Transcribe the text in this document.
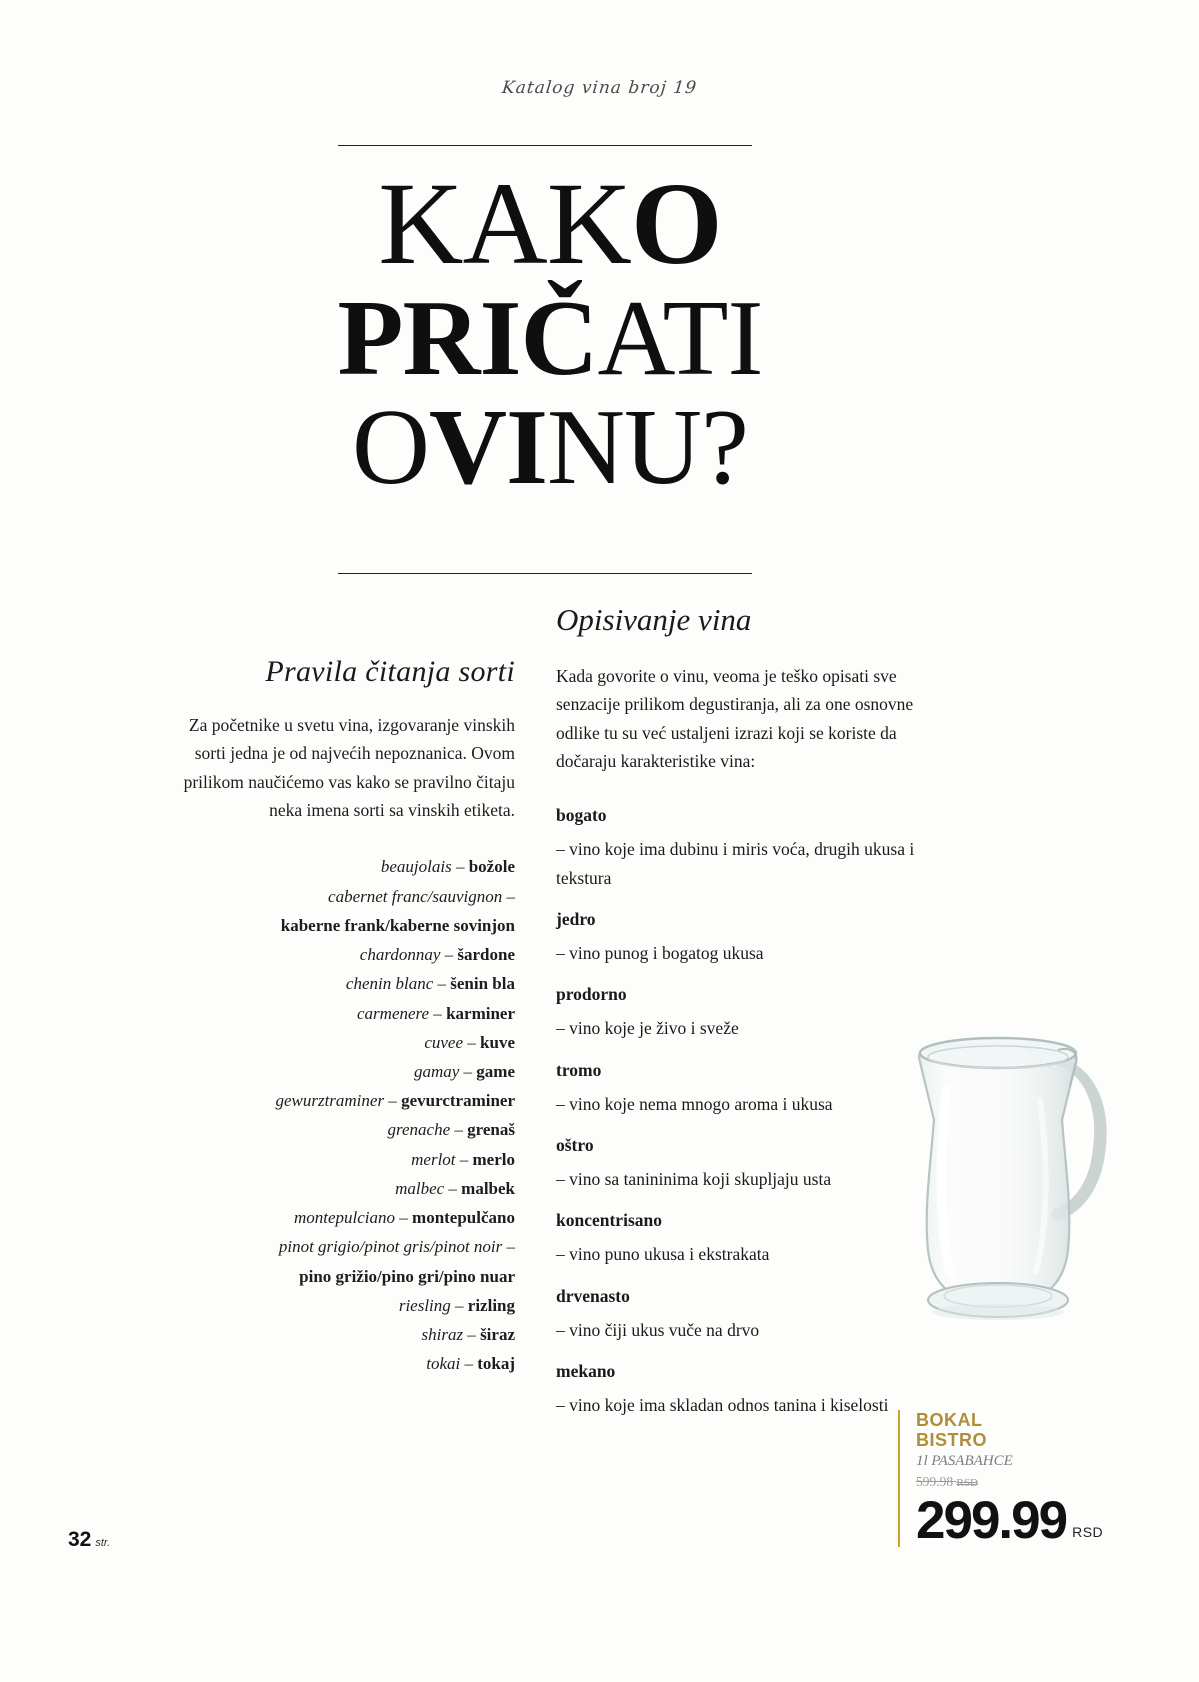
Katalog vina broj 19
KAKO
PRIČATI
OVINU?
Pravila čitanja sorti

Za početnike u svetu vina, izgovaranje vinskih sorti jedna je od najvećih nepoznanica. Ovom prilikom naučićemo vas kako se pravilno čitaju neka imena sorti sa vinskih etiketa.

beaujolais – božole
cabernet franc/sauvignon –
kaberne frank/kaberne sovinjon
chardonnay – šardone
chenin blanc – šenin bla
carmenere – karminer
cuvee – kuve
gamay – game
gewurztraminer – gevurctraminer
grenache – grenaš
merlot – merlo
malbec – malbek
montepulciano – montepulčano
pinot grigio/pinot gris/pinot noir –
pino grižio/pino gri/pino nuar
riesling – rizling
shiraz – širaz
tokai – tokaj
Opisivanje vina

Kada govorite o vinu, veoma je teško opisati sve senzacije prilikom degustiranja, ali za one osnovne odlike tu su već ustaljeni izrazi koji se koriste da dočaraju karakteristike vina:

bogato

– vino koje ima dubinu i miris voća, drugih ukusa i tekstura

jedro

– vino punog i bogatog ukusa

prodorno

– vino koje je živo i sveže

tromo

– vino koje nema mnogo aroma i ukusa

oštro

– vino sa tanininima koji skupljaju usta

koncentrisano

– vino puno ukusa i ekstrakata

drvenasto

– vino čiji ukus vuče na drvo

mekano

– vino koje ima skladan odnos tanina i kiselosti

BOKAL
BISTRO
1l PASABAHCE
599.98 RSD
299.99 RSD
32 str.
